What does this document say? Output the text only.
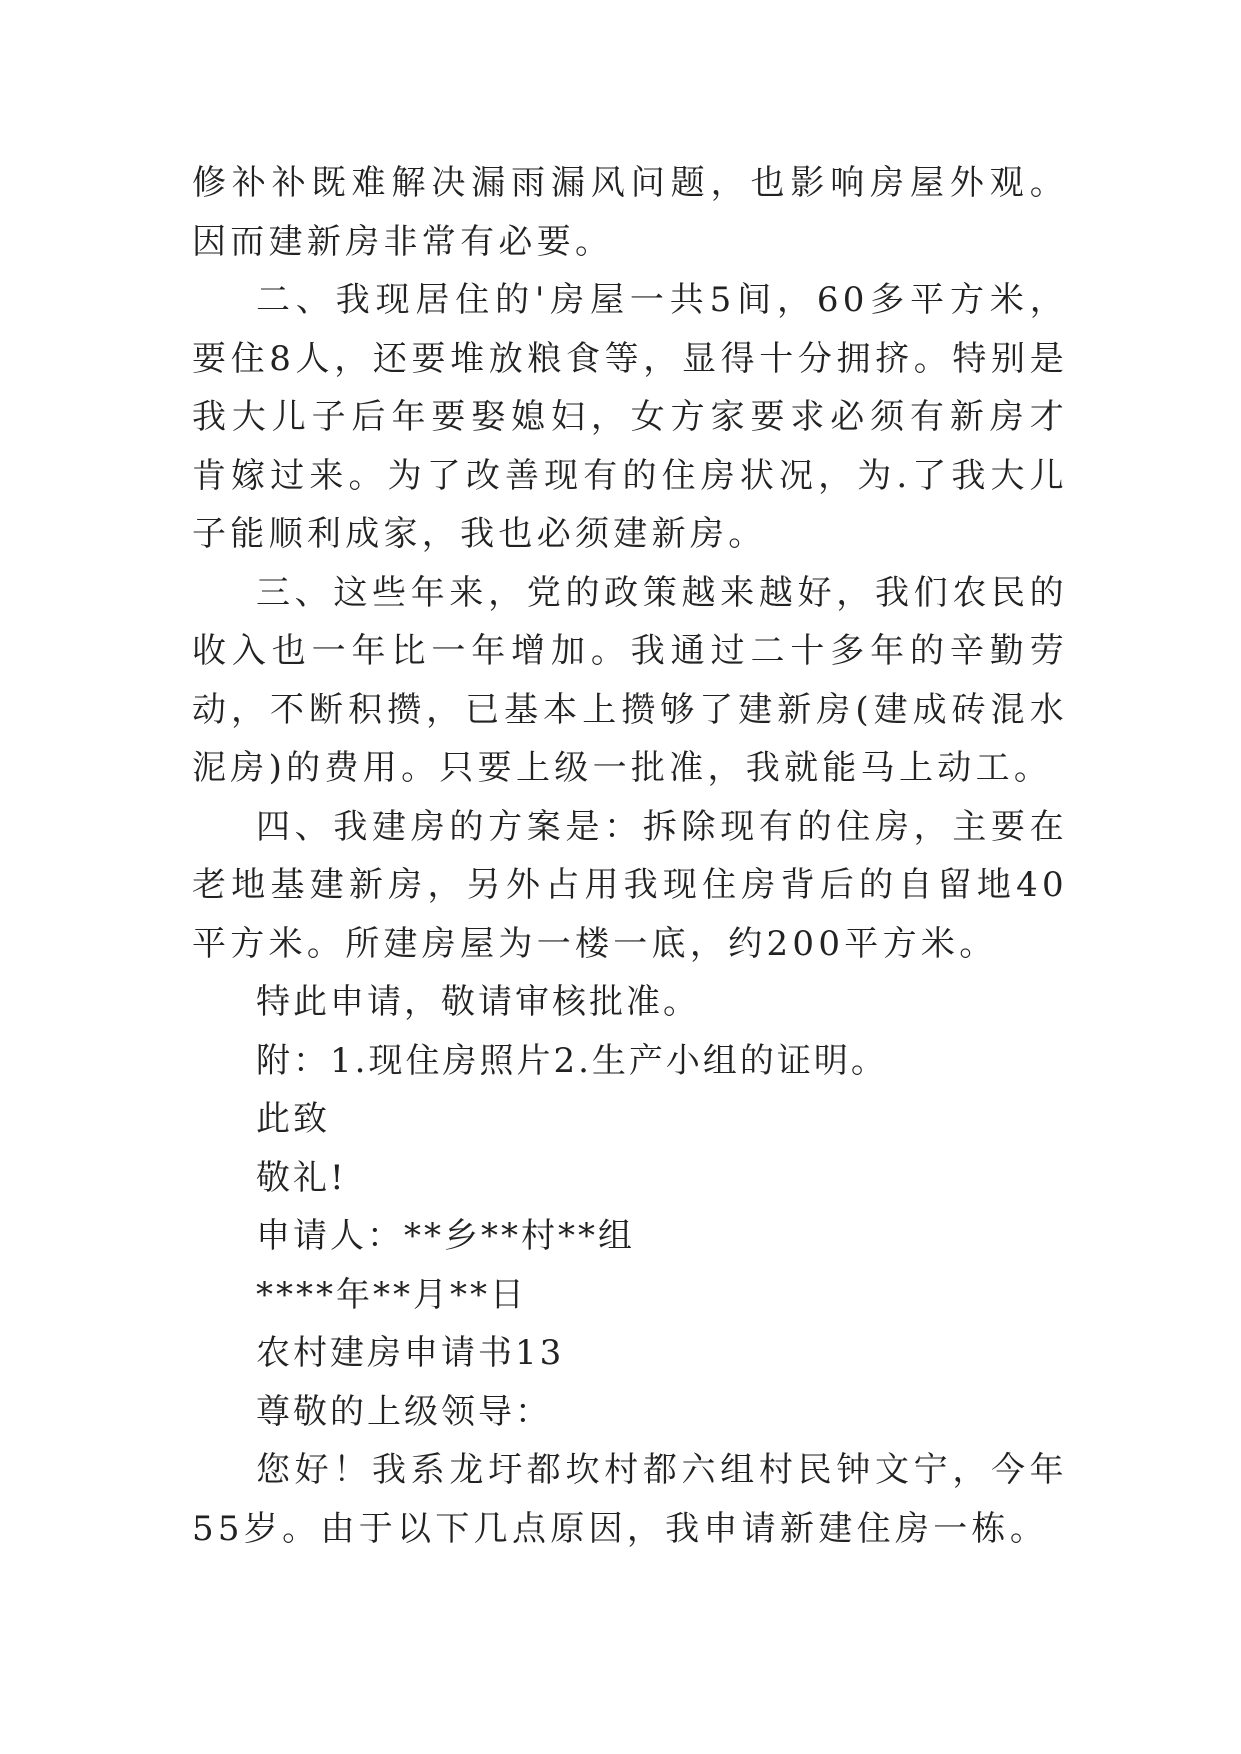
修补补既难解决漏雨漏风问题，也影响房屋外观。因而建新房非常有必要。

二、我现居住的'房屋一共5间，60多平方米，要住8人，还要堆放粮食等，显得十分拥挤。特别是我大儿子后年要娶媳妇，女方家要求必须有新房才肯嫁过来。为了改善现有的住房状况，为.了我大儿子能顺利成家，我也必须建新房。

三、这些年来，党的政策越来越好，我们农民的收入也一年比一年增加。我通过二十多年的辛勤劳动，不断积攒，已基本上攒够了建新房(建成砖混水泥房)的费用。只要上级一批准，我就能马上动工。

四、我建房的方案是：拆除现有的住房，主要在老地基建新房，另外占用我现住房背后的自留地40平方米。所建房屋为一楼一底，约200平方米。

特此申请，敬请审核批准。

附：1.现住房照片2.生产小组的证明。

此致

敬礼!

申请人：**乡**村**组

****年**月**日

农村建房申请书13

尊敬的上级领导：

您好！我系龙圩都坎村都六组村民钟文宁，今年55岁。由于以下几点原因，我申请新建住房一栋。
